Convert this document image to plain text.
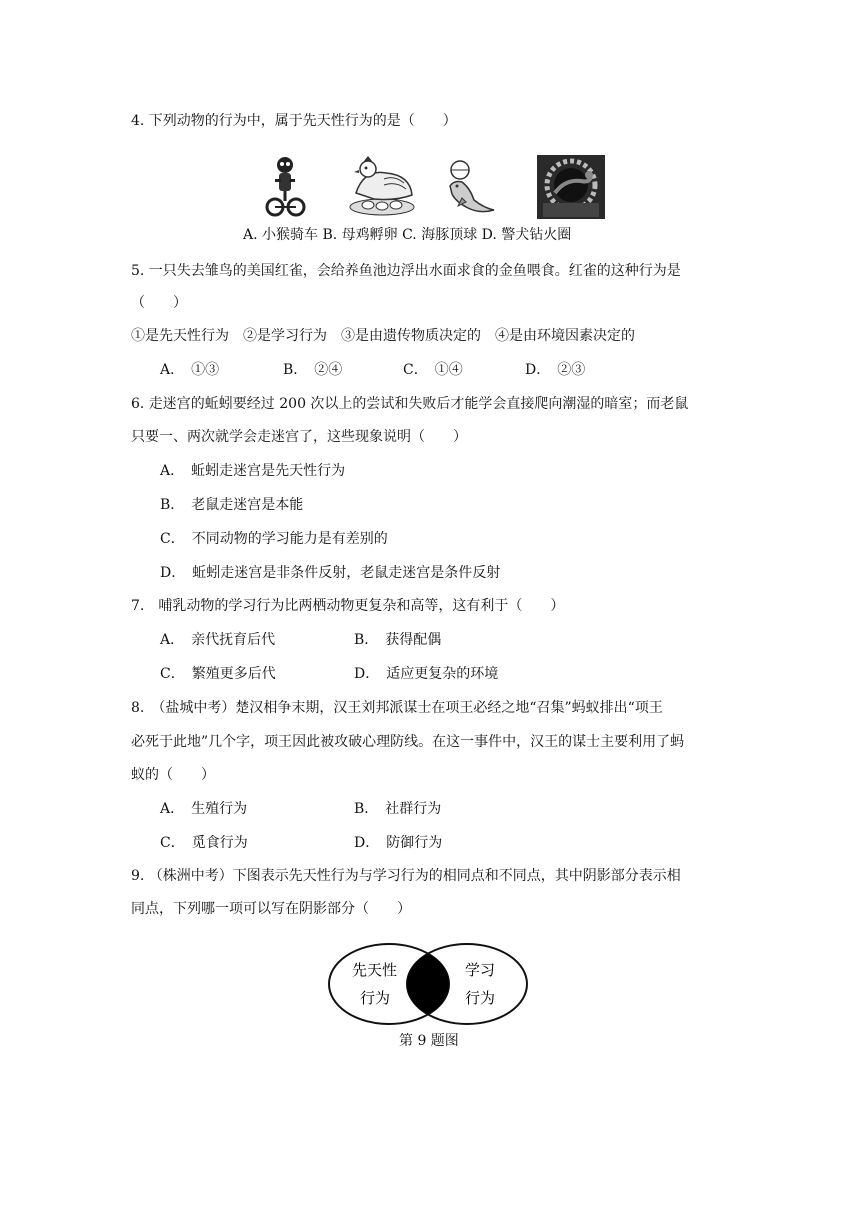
4. 下列动物的行为中，属于先天性行为的是（　　）
A. 小猴骑车 B. 母鸡孵卵 C. 海豚顶球 D. 警犬钻火圈
5. 一只失去雏鸟的美国红雀，会给养鱼池边浮出水面求食的金鱼喂食。红雀的这种行为是
（　　）
①是先天性行为　②是学习行为　③是由遗传物质决定的　④是由环境因素决定的
A．　①③	B．　②④	C．　①④	D．　②③
6. 走迷宫的蚯蚓要经过 200 次以上的尝试和失败后才能学会直接爬向潮湿的暗室；而老鼠
只要一、两次就学会走迷宫了，这些现象说明（　　）
A．　蚯蚓走迷宫是先天性行为
B．　老鼠走迷宫是本能
C．　不同动物的学习能力是有差别的
D．　蚯蚓走迷宫是非条件反射，老鼠走迷宫是条件反射
7.　哺乳动物的学习行为比两栖动物更复杂和高等，这有利于（　　）
A．　亲代抚育后代	B．　获得配偶
C．　繁殖更多后代	D．　适应更复杂的环境
8.　（盐城中考）楚汉相争末期，汉王刘邦派谋士在项王必经之地“召集”蚂蚁排出“项王
必死于此地”几个字，项王因此被攻破心理防线。在这一事件中，汉王的谋士主要利用了蚂
蚁的（　　）
A．　生殖行为	B．　社群行为
C．　觅食行为	D．　防御行为
9. （株洲中考）下图表示先天性行为与学习行为的相同点和不同点，其中阴影部分表示相
同点，下列哪一项可以写在阴影部分（　　）
先天性
行为
学习
行为
第 9 题图
